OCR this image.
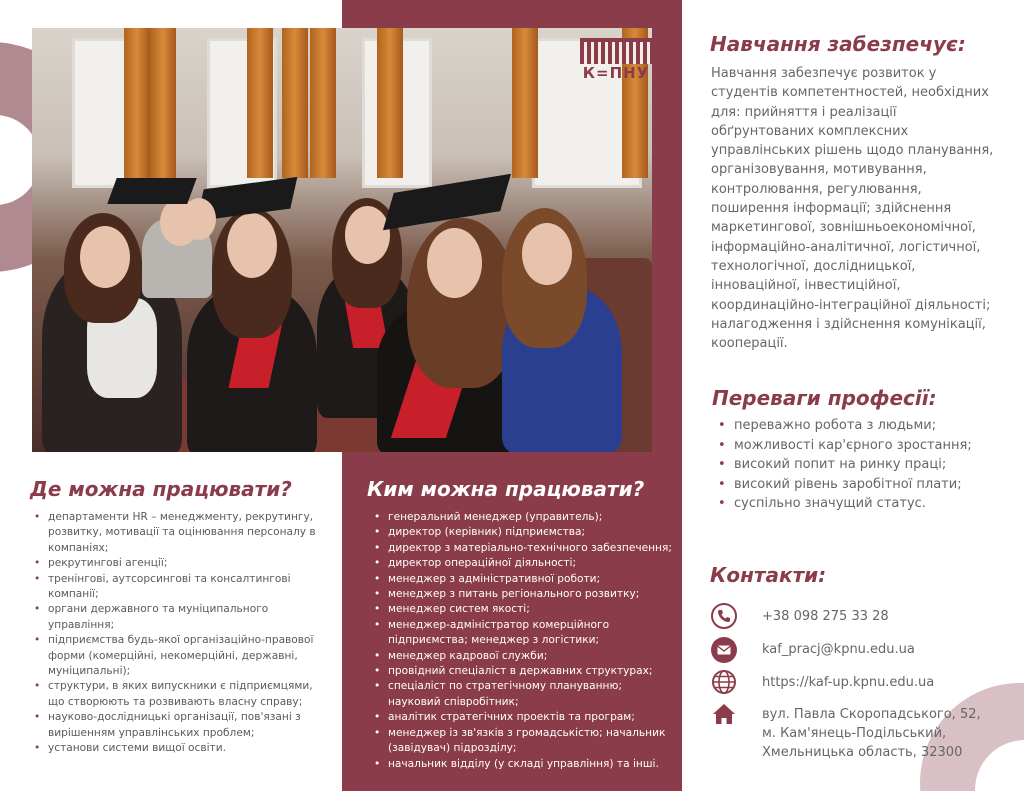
К=ПНУ
Де можна працювати?
• департаменти HR – менеджменту, рекрутингу, розвитку, мотивації та оцінювання персоналу в компаніях;
• рекрутингові агенції;
• тренінгові, аутсорсингові та консалтингові компанії;
• органи державного та муніципального управління;
• підприємства будь-якої організаційно-правової форми (комерційні, некомерційні, державні, муніципальні);
• структури, в яких випускники є підприємцями, що створюють та розвивають власну справу;
• науково-дослідницькі організації, пов'язані з вирішенням управлінських проблем;
• установи системи вищої освіти.
Ким можна працювати?
• генеральний менеджер (управитель);
• директор (керівник) підприємства;
• директор з матеріально-технічного забезпечення;
• директор операційної діяльності;
• менеджер з адміністративної роботи;
• менеджер з питань регіонального розвитку;
• менеджер систем якості;
• менеджер-адміністратор комерційного підприємства; менеджер з логістики;
• менеджер кадрової служби;
• провідний спеціаліст в державних структурах;
• спеціаліст по стратегічному плануванню; науковий співробітник;
• аналітик стратегічних проектів та програм;
• менеджер із зв'язків з громадськістю; начальник (завідувач) підрозділу;
• начальник відділу (у складі управління) та інші.
Навчання забезпечує:

Навчання забезпечує розвиток у студентів компетентностей, необхідних для: прийняття і реалізації обґрунтованих комплексних управлінських рішень щодо планування, організовування, мотивування, контролювання, регулювання, поширення інформації; здійснення маркетингової, зовнішньоекономічної, інформаційно-аналітичної, логістичної, технологічної, дослідницької, інноваційної, інвестиційної, координаційно-інтеграційної діяльності; налагодження і здійснення комунікації, кооперації.

Переваги професії:
• переважно робота з людьми;
• можливості кар'єрного зростання;
• високий попит на ринку праці;
• високий рівень заробітної плати;
• суспільно значущий статус.
Контакти:
+38 098 275 33 28
kaf_pracj@kpnu.edu.ua
https://kaf-up.kpnu.edu.ua
вул. Павла Скоропадського, 52,
м. Кам'янець-Подільський,
Хмельницька область, 32300
